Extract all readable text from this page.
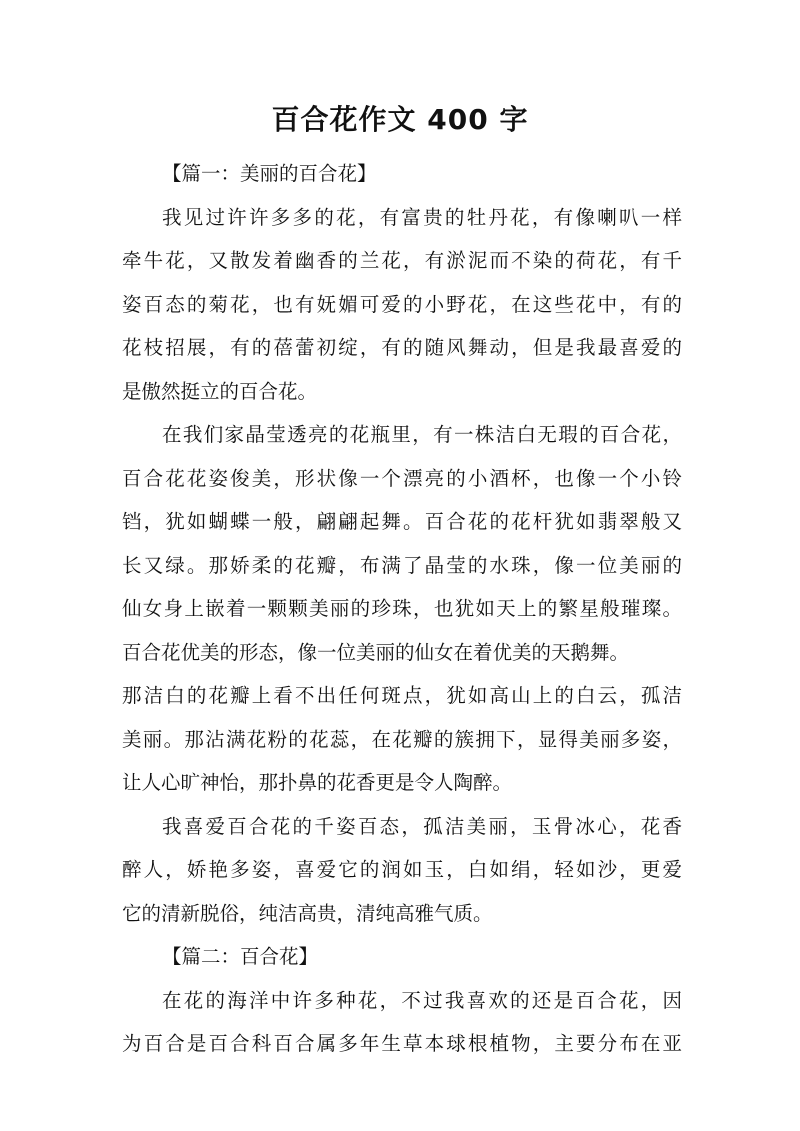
百合花作文 400 字
【篇一：美丽的百合花】
我见过许许多多的花，有富贵的牡丹花，有像喇叭一样
牵牛花，又散发着幽香的兰花，有淤泥而不染的荷花，有千
姿百态的菊花，也有妩媚可爱的小野花，在这些花中，有的
花枝招展，有的蓓蕾初绽，有的随风舞动，但是我最喜爱的
是傲然挺立的百合花。
在我们家晶莹透亮的花瓶里，有一株洁白无瑕的百合花，
百合花花姿俊美，形状像一个漂亮的小酒杯，也像一个小铃
铛，犹如蝴蝶一般，翩翩起舞。百合花的花杆犹如翡翠般又
长又绿。那娇柔的花瓣，布满了晶莹的水珠，像一位美丽的
仙女身上嵌着一颗颗美丽的珍珠，也犹如天上的繁星般璀璨。
百合花优美的形态，像一位美丽的仙女在着优美的天鹅舞。
那洁白的花瓣上看不出任何斑点，犹如高山上的白云，孤洁
美丽。那沾满花粉的花蕊，在花瓣的簇拥下，显得美丽多姿，
让人心旷神怡，那扑鼻的花香更是令人陶醉。
我喜爱百合花的千姿百态，孤洁美丽，玉骨冰心，花香
醉人，娇艳多姿，喜爱它的润如玉，白如绢，轻如沙，更爱
它的清新脱俗，纯洁高贵，清纯高雅气质。
【篇二：百合花】
在花的海洋中许多种花，不过我喜欢的还是百合花，因
为百合是百合科百合属多年生草本球根植物，主要分布在亚
